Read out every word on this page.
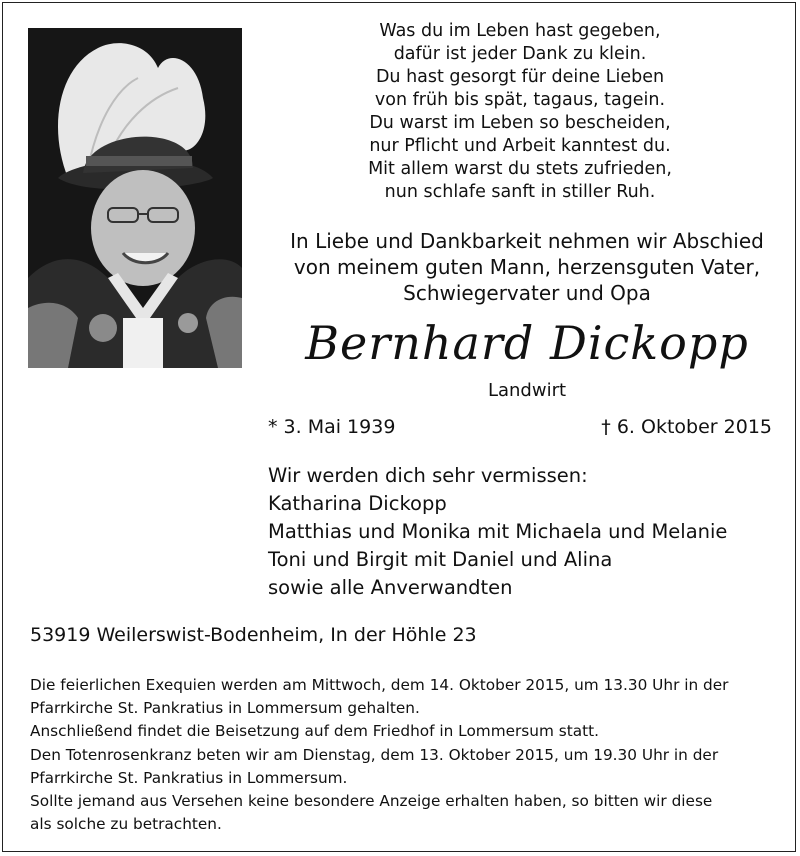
Was du im Leben hast gegeben,
dafür ist jeder Dank zu klein.
Du hast gesorgt für deine Lieben
von früh bis spät, tagaus, tagein.
Du warst im Leben so bescheiden,
nur Pflicht und Arbeit kanntest du.
Mit allem warst du stets zufrieden,
nun schlafe sanft in stiller Ruh.
In Liebe und Dankbarkeit nehmen wir Abschied
von meinem guten Mann, herzensguten Vater,
Schwiegervater und Opa
Bernhard Dickopp
Landwirt
* 3. Mai 1939	† 6. Oktober 2015
Wir werden dich sehr vermissen:
Katharina Dickopp
Matthias und Monika mit Michaela und Melanie
Toni und Birgit mit Daniel und Alina
sowie alle Anverwandten
53919 Weilerswist-Bodenheim, In der Höhle 23
Die feierlichen Exequien werden am Mittwoch, dem 14. Oktober 2015, um 13.30 Uhr in der
Pfarrkirche St. Pankratius in Lommersum gehalten.
Anschließend findet die Beisetzung auf dem Friedhof in Lommersum statt.
Den Totenrosenkranz beten wir am Dienstag, dem 13. Oktober 2015, um 19.30 Uhr in der
Pfarrkirche St. Pankratius in Lommersum.
Sollte jemand aus Versehen keine besondere Anzeige erhalten haben, so bitten wir diese
als solche zu betrachten.
